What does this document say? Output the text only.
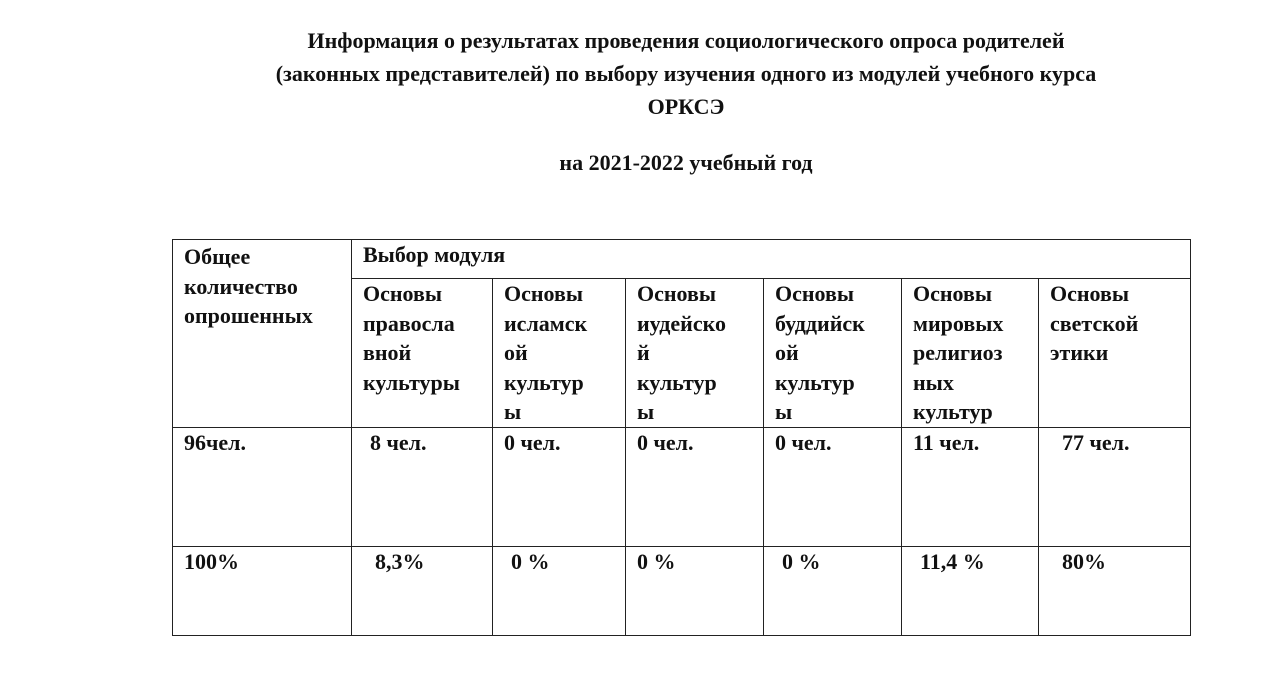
Информация о результатах проведения социологического опроса родителей
(законных представителей) по выбору изучения одного из модулей учебного курса
ОРКСЭ
на 2021-2022 учебный год
Общее
количество
опрошенных	Выбор модуля					

	Основы
правосла
вной
культуры	Основы
исламск
ой
культур
ы	Основы
иудейско
й
культур
ы	Основы
буддийск
ой
культур
ы	Основы
мировых
религиоз
ных
культур	Основы
светской
этики

96чел.	8 чел.	0 чел.	0 чел.	0 чел.	11 чел.	77 чел.
100%	8,3%	0 %	0 %	0 %	11,4 %	80%
